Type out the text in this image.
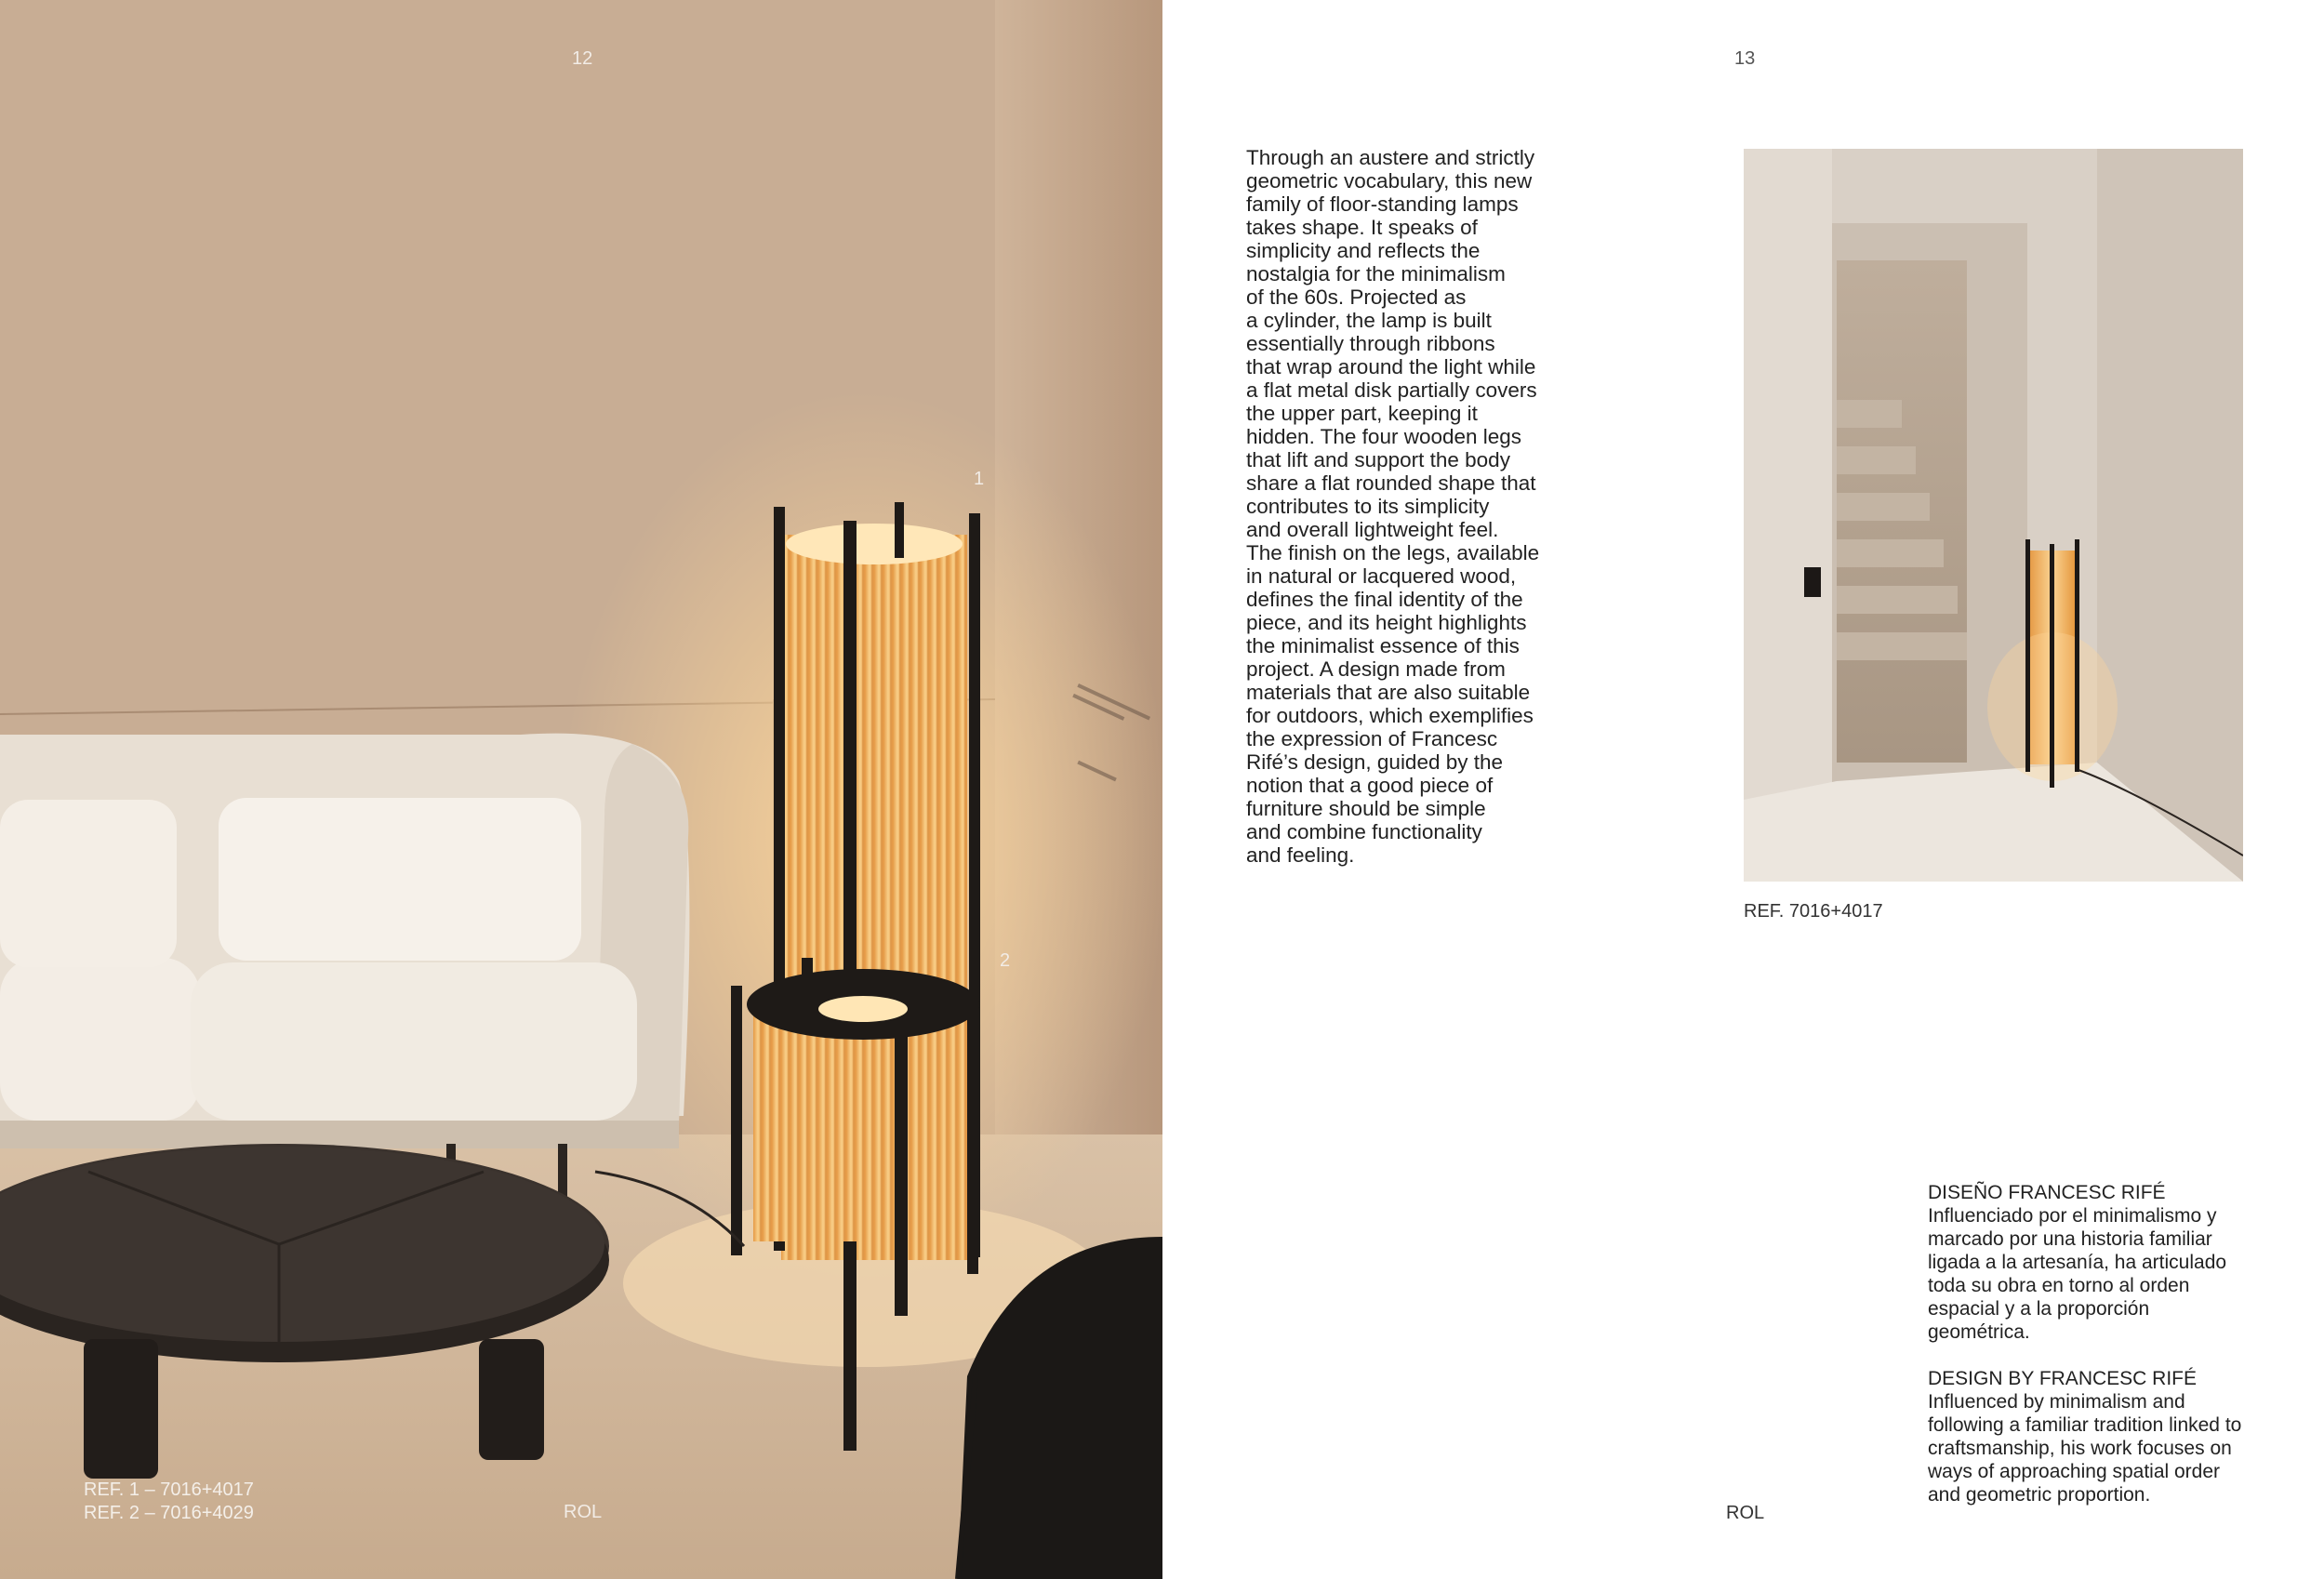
12
1
2
REF. 1 – 7016+4017
REF. 2 – 7016+4029	ROL
13
Through an austere and strictly
geometric vocabulary, this new
family of floor-standing lamps
takes shape. It speaks of
simplicity and reflects the
nostalgia for the minimalism
of the 60s. Projected as
a cylinder, the lamp is built
essentially through ribbons
that wrap around the light while
a flat metal disk partially covers
the upper part, keeping it
hidden. The four wooden legs
that lift and support the body
share a flat rounded shape that
contributes to its simplicity
and overall lightweight feel.
The finish on the legs, available
in natural or lacquered wood,
defines the final identity of the
piece, and its height highlights
the minimalist essence of this
project. A design made from
materials that are also suitable
for outdoors, which exemplifies
the expression of Francesc
Rifé’s design, guided by the
notion that a good piece of
furniture should be simple
and combine functionality
and feeling.
REF. 7016+4017
DISEÑO FRANCESC RIFÉ
Influenciado por el minimalismo y
marcado por una historia familiar
ligada a la artesanía, ha articulado
toda su obra en torno al orden
espacial y a la proporción
geométrica.
DESIGN BY FRANCESC RIFÉ
Influenced by minimalism and
following a familiar tradition linked to
craftsmanship, his work focuses on
ways of approaching spatial order
and geometric proportion.
ROL
